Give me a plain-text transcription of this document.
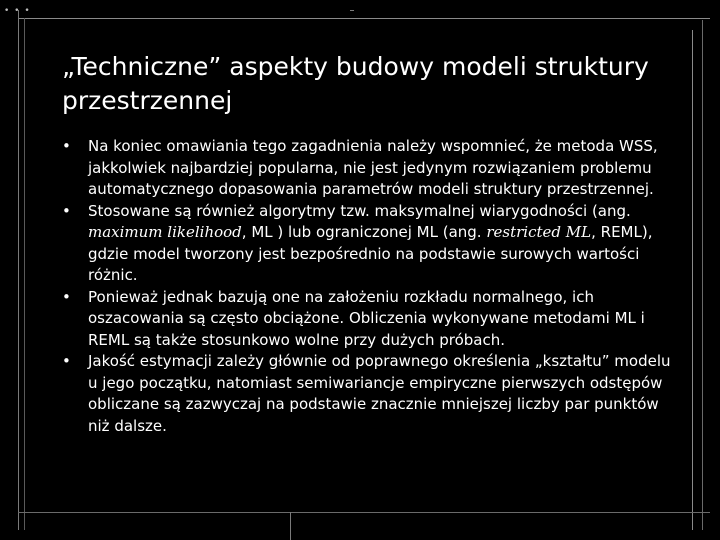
• • •
„Techniczne” aspekty budowy modeli struktury przestrzennej
• Na koniec omawiania tego zagadnienia należy wspomnieć, że metoda WSS, jakkolwiek najbardziej popularna, nie jest jedynym rozwiązaniem problemu automatycznego dopasowania parametrów modeli struktury przestrzennej.
• Stosowane są również algorytmy tzw. maksymalnej wiarygodności (ang. maximum likelihood, ML ) lub ograniczonej ML (ang. restricted ML, REML), gdzie model tworzony jest bezpośrednio na podstawie surowych wartości różnic.
• Ponieważ jednak bazują one na założeniu rozkładu normalnego, ich oszacowania są często obciążone. Obliczenia wykonywane metodami ML i REML są także stosunkowo wolne przy dużych próbach.
• Jakość estymacji zależy głównie od poprawnego określenia „kształtu” modelu u jego początku, natomiast semiwariancje empiryczne pierwszych odstępów obliczane są zazwyczaj na podstawie znacznie mniejszej liczby par punktów niż dalsze.
